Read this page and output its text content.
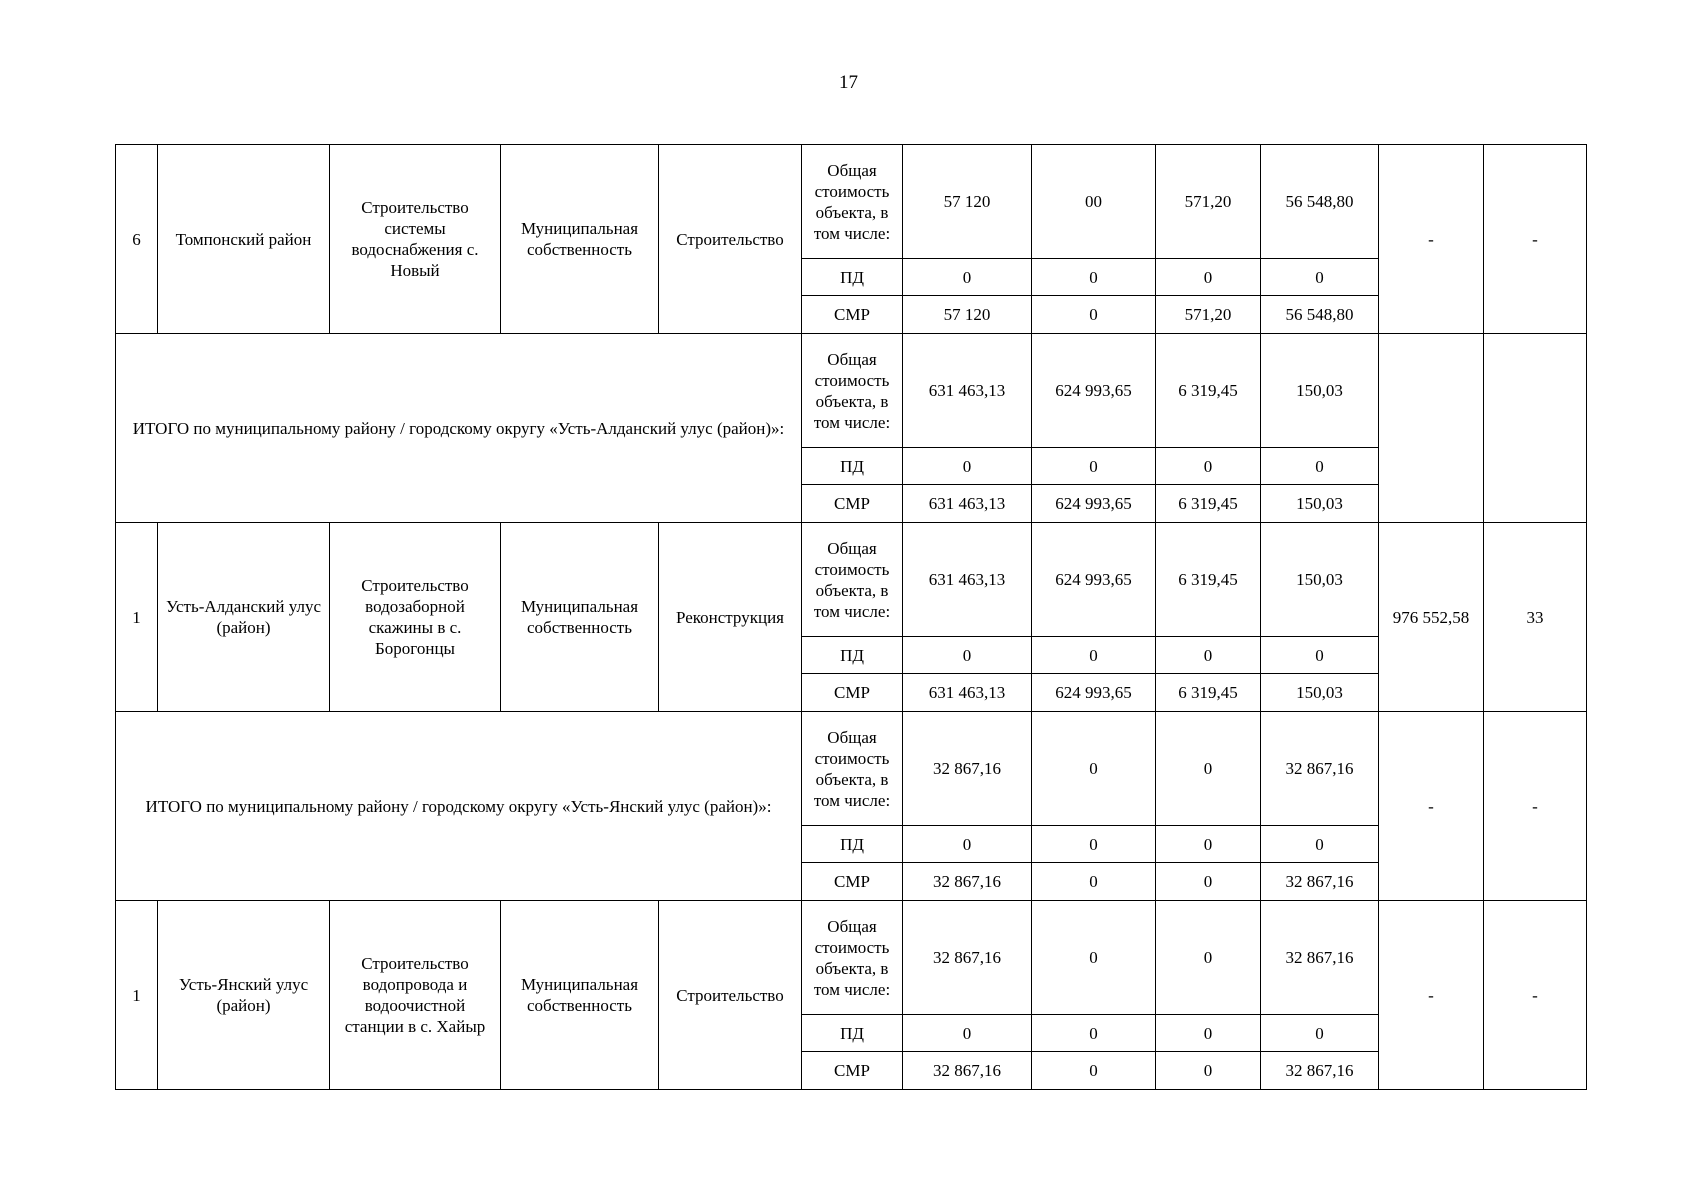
17
6	Томпонский район	Строительство системы водоснабжения с. Новый	Муниципальная собственность	Строительство	Общая стоимость объекта, в том числе:	57 120	00	571,20	56 548,80	-	-
					ПД	0	0	0	0		
					СМР	57 120	0	571,20	56 548,80		
ИТОГО по муниципальному району / городскому округу «Усть-Алданский улус (район)»:					Общая стоимость объекта, в том числе:	631 463,13	624 993,65	6 319,45	150,03		
					ПД	0	0	0	0		
					СМР	631 463,13	624 993,65	6 319,45	150,03		
1	Усть-Алданский улус (район)	Строительство водозаборной скажины в с. Борогонцы	Муниципальная собственность	Реконструкция	Общая стоимость объекта, в том числе:	631 463,13	624 993,65	6 319,45	150,03	976 552,58	33
					ПД	0	0	0	0		
					СМР	631 463,13	624 993,65	6 319,45	150,03		
ИТОГО по муниципальному району / городскому округу «Усть-Янский улус (район)»:					Общая стоимость объекта, в том числе:	32 867,16	0	0	32 867,16	-	-
					ПД	0	0	0	0		
					СМР	32 867,16	0	0	32 867,16		
1	Усть-Янский улус (район)	Строительство водопровода и водоочистной станции в с. Хайыр	Муниципальная собственность	Строительство	Общая стоимость объекта, в том числе:	32 867,16	0	0	32 867,16	-	-
					ПД	0	0	0	0		
					СМР	32 867,16	0	0	32 867,16		
